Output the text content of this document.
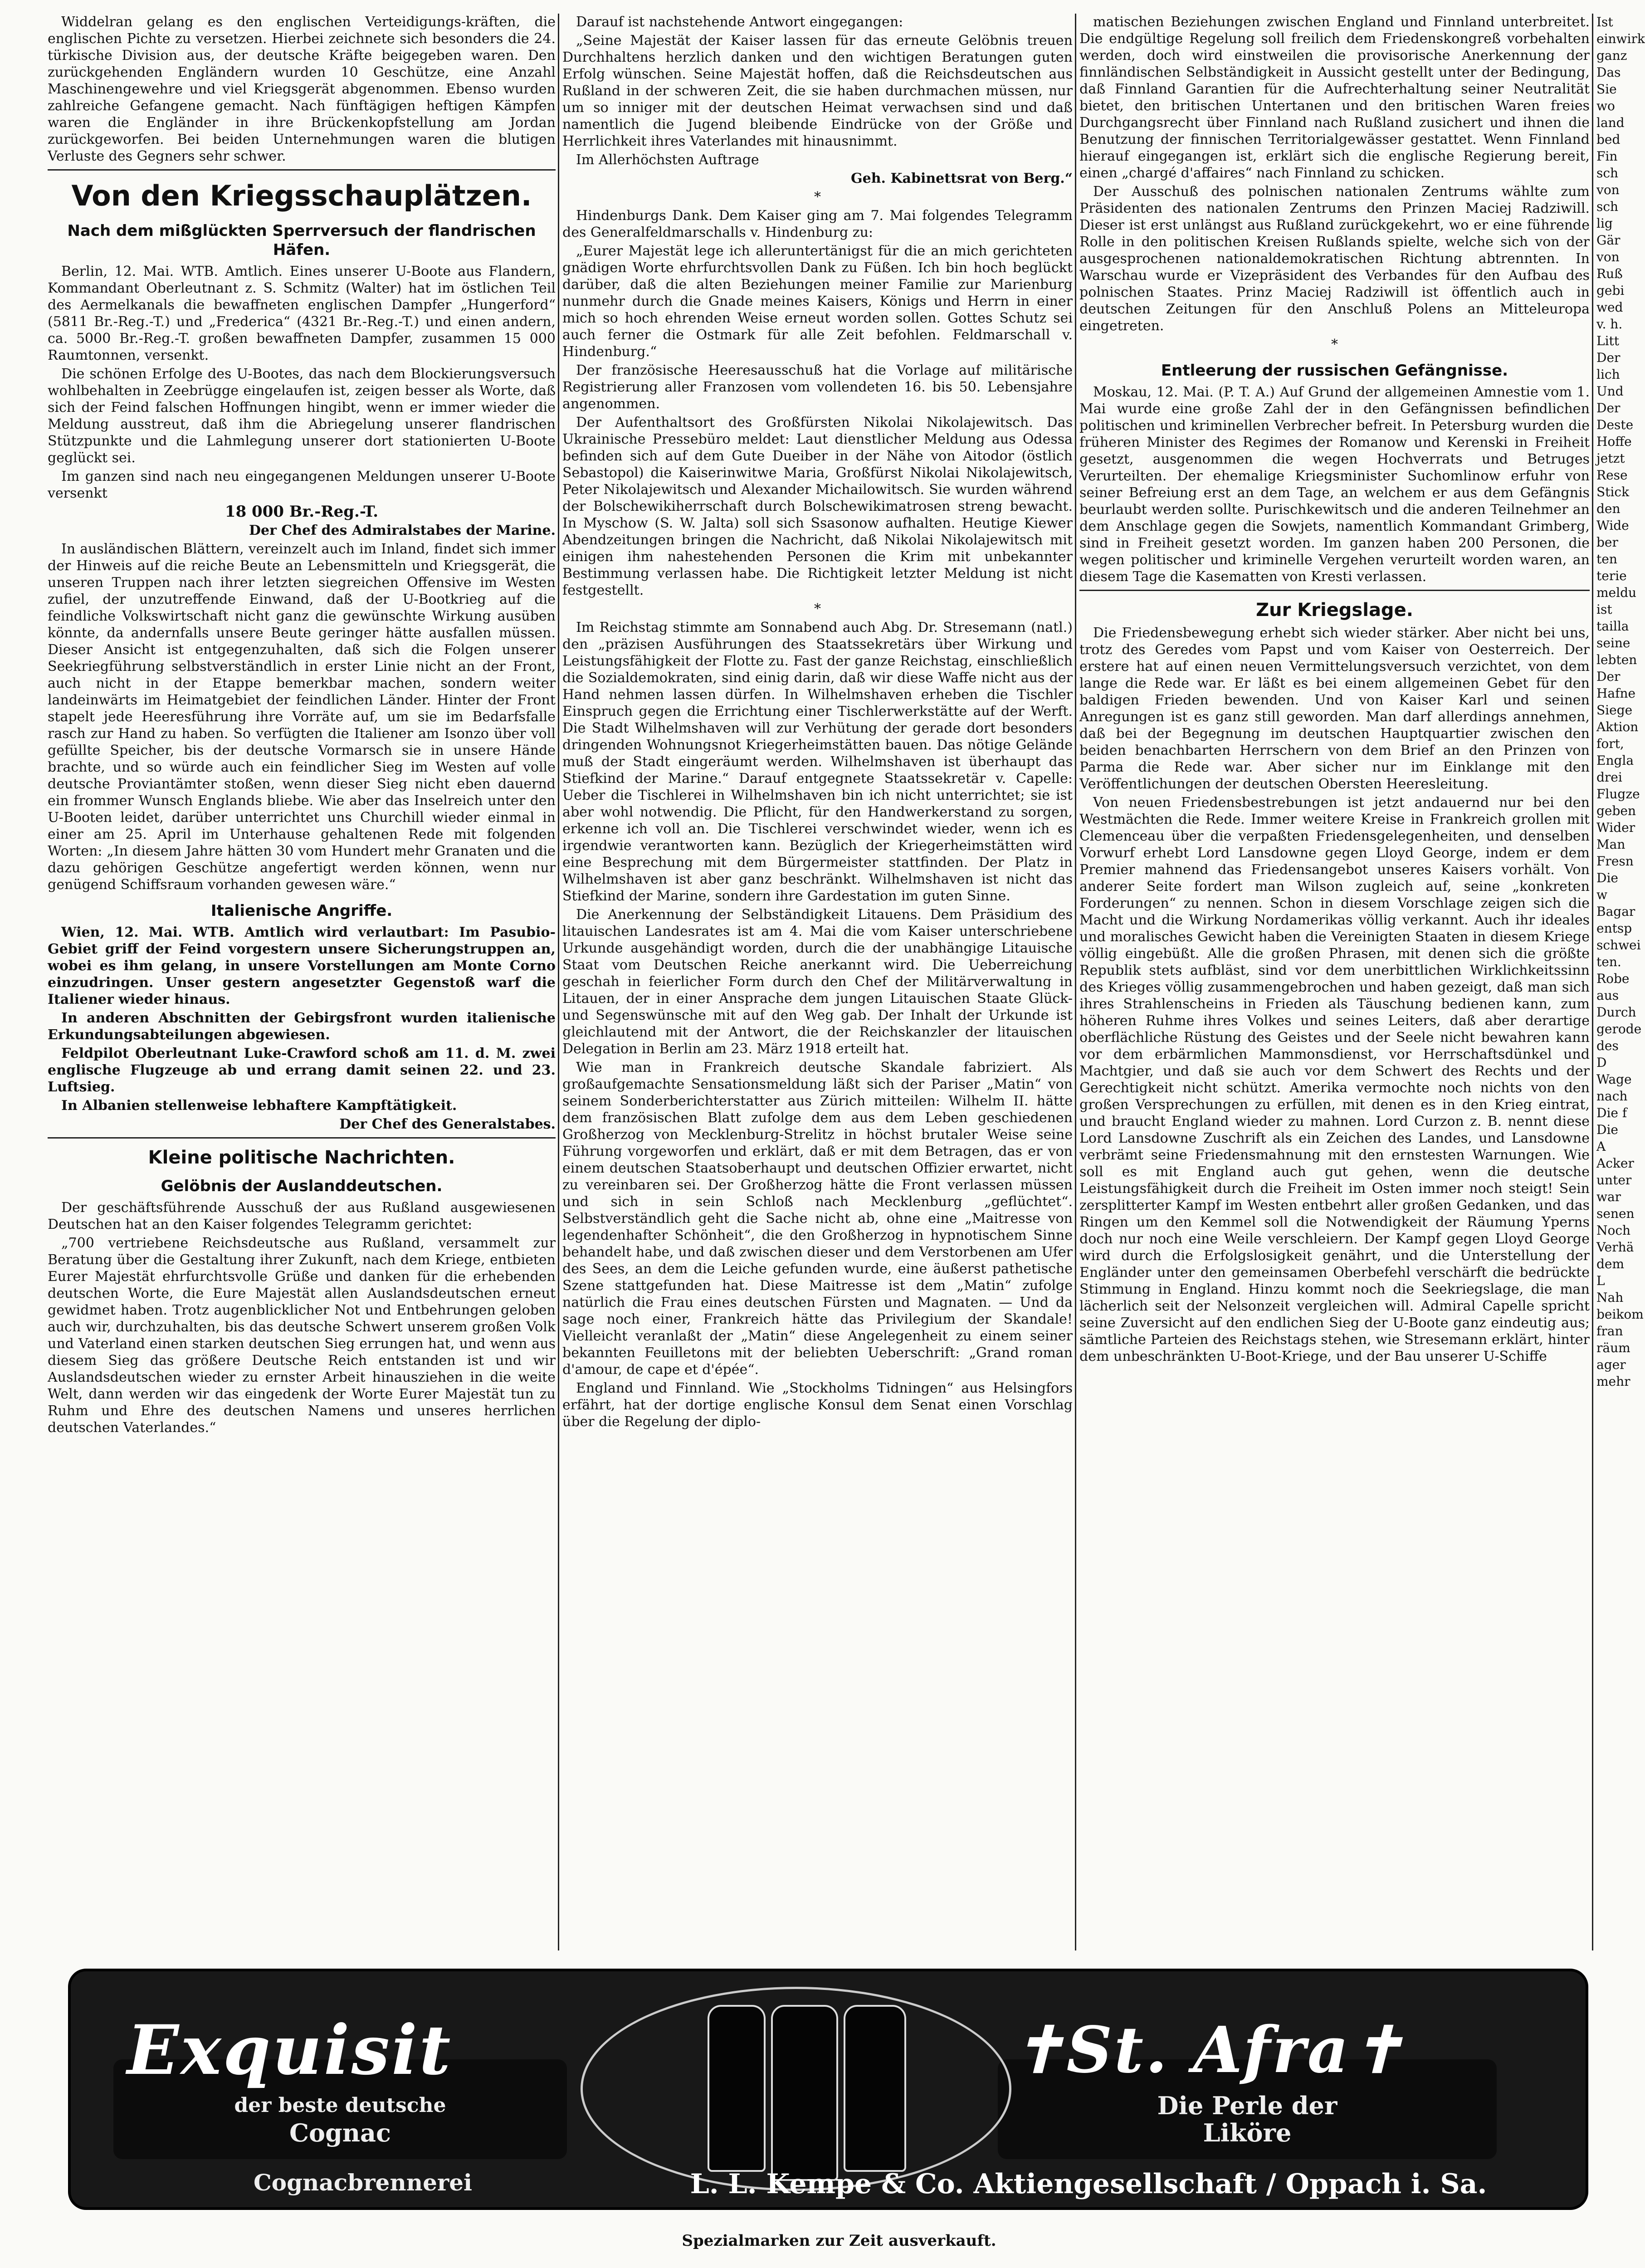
Widdelran gelang es den englischen Verteidigungs-kräften, die englischen Pichte zu versetzen. Hierbei zeichnete sich besonders die 24. türkische Division aus, der deutsche Kräfte beigegeben waren. Den zurückgehenden Engländern wurden 10 Geschütze, eine Anzahl Maschinengewehre und viel Kriegsgerät abgenommen. Ebenso wurden zahlreiche Gefangene gemacht. Nach fünftägigen heftigen Kämpfen waren die Engländer in ihre Brückenkopfstellung am Jordan zurückgeworfen. Bei beiden Unternehmungen waren die blutigen Verluste des Gegners sehr schwer.

Von den Kriegsschauplätzen.
Nach dem mißglückten Sperrversuch der flandrischen Häfen.

Berlin, 12. Mai. WTB. Amtlich. Eines unserer U-Boote aus Flandern, Kommandant Oberleutnant z. S. Schmitz (Walter) hat im östlichen Teil des Aermelkanals die bewaffneten englischen Dampfer „Hungerford“ (5811 Br.-Reg.-T.) und „Frederica“ (4321 Br.-Reg.-T.) und einen andern, ca. 5000 Br.-Reg.-T. großen bewaffneten Dampfer, zusammen 15 000 Raumtonnen, versenkt.

Die schönen Erfolge des U-Bootes, das nach dem Blockierungsversuch wohlbehalten in Zeebrügge eingelaufen ist, zeigen besser als Worte, daß sich der Feind falschen Hoffnungen hingibt, wenn er immer wieder die Meldung ausstreut, daß ihm die Abriegelung unserer flandrischen Stützpunkte und die Lahmlegung unserer dort stationierten U-Boote geglückt sei.

Im ganzen sind nach neu eingegangenen Meldungen unserer U-Boote versenkt

18 000 Br.-Reg.-T.

Der Chef des Admiralstabes der Marine.

In ausländischen Blättern, vereinzelt auch im Inland, findet sich immer der Hinweis auf die reiche Beute an Lebensmitteln und Kriegsgerät, die unseren Truppen nach ihrer letzten siegreichen Offensive im Westen zufiel, der unzutreffende Einwand, daß der U-Bootkrieg auf die feindliche Volkswirtschaft nicht ganz die gewünschte Wirkung ausüben könnte, da andernfalls unsere Beute geringer hätte ausfallen müssen. Dieser Ansicht ist entgegenzuhalten, daß sich die Folgen unserer Seekriegführung selbstverständlich in erster Linie nicht an der Front, auch nicht in der Etappe bemerkbar machen, sondern weiter landeinwärts im Heimatgebiet der feindlichen Länder. Hinter der Front stapelt jede Heeresführung ihre Vorräte auf, um sie im Bedarfsfalle rasch zur Hand zu haben. So verfügten die Italiener am Isonzo über voll gefüllte Speicher, bis der deutsche Vormarsch sie in unsere Hände brachte, und so würde auch ein feindlicher Sieg im Westen auf volle deutsche Proviantämter stoßen, wenn dieser Sieg nicht eben dauernd ein frommer Wunsch Englands bliebe. Wie aber das Inselreich unter den U-Booten leidet, darüber unterrichtet uns Churchill wieder einmal in einer am 25. April im Unterhause gehaltenen Rede mit folgenden Worten: „In diesem Jahre hätten 30 vom Hundert mehr Granaten und die dazu gehörigen Geschütze angefertigt werden können, wenn nur genügend Schiffsraum vorhanden gewesen wäre.“

Italienische Angriffe.

Wien, 12. Mai. WTB. Amtlich wird verlautbart: Im Pasubio-Gebiet griff der Feind vorgestern unsere Sicherungstruppen an, wobei es ihm gelang, in unsere Vorstellungen am Monte Corno einzudringen. Unser gestern angesetzter Gegenstoß warf die Italiener wieder hinaus.

In anderen Abschnitten der Gebirgsfront wurden italienische Erkundungsabteilungen abgewiesen.

Feldpilot Oberleutnant Luke-Crawford schoß am 11. d. M. zwei englische Flugzeuge ab und errang damit seinen 22. und 23. Luftsieg.

In Albanien stellenweise lebhaftere Kampftätigkeit.

Der Chef des Generalstabes.

Kleine politische Nachrichten.
Gelöbnis der Auslanddeutschen.

Der geschäftsführende Ausschuß der aus Rußland ausgewiesenen Deutschen hat an den Kaiser folgendes Telegramm gerichtet:

„700 vertriebene Reichsdeutsche aus Rußland, versammelt zur Beratung über die Gestaltung ihrer Zukunft, nach dem Kriege, entbieten Eurer Majestät ehrfurchtsvolle Grüße und danken für die erhebenden deutschen Worte, die Eure Majestät allen Auslandsdeutschen erneut gewidmet haben. Trotz augenblicklicher Not und Entbehrungen geloben auch wir, durchzuhalten, bis das deutsche Schwert unserem großen Volk und Vaterland einen starken deutschen Sieg errungen hat, und wenn aus diesem Sieg das größere Deutsche Reich entstanden ist und wir Auslandsdeutschen wieder zu ernster Arbeit hinausziehen in die weite Welt, dann werden wir das eingedenk der Worte Eurer Majestät tun zu Ruhm und Ehre des deutschen Namens und unseres herrlichen deutschen Vaterlandes.“

Darauf ist nachstehende Antwort eingegangen:

„Seine Majestät der Kaiser lassen für das erneute Gelöbnis treuen Durchhaltens herzlich danken und den wichtigen Beratungen guten Erfolg wünschen. Seine Majestät hoffen, daß die Reichsdeutschen aus Rußland in der schweren Zeit, die sie haben durchmachen müssen, nur um so inniger mit der deutschen Heimat verwachsen sind und daß namentlich die Jugend bleibende Eindrücke von der Größe und Herrlichkeit ihres Vaterlandes mit hinausnimmt.

Im Allerhöchsten Auftrage

Geh. Kabinettsrat von Berg.“

*

Hindenburgs Dank. Dem Kaiser ging am 7. Mai folgendes Telegramm des Generalfeldmarschalls v. Hindenburg zu:

„Eurer Majestät lege ich alleruntertänigst für die an mich gerichteten gnädigen Worte ehrfurchtsvollen Dank zu Füßen. Ich bin hoch beglückt darüber, daß die alten Beziehungen meiner Familie zur Marienburg nunmehr durch die Gnade meines Kaisers, Königs und Herrn in einer mich so hoch ehrenden Weise erneut worden sollen. Gottes Schutz sei auch ferner die Ostmark für alle Zeit befohlen. Feldmarschall v. Hindenburg.“

Der französische Heeresausschuß hat die Vorlage auf militärische Registrierung aller Franzosen vom vollendeten 16. bis 50. Lebensjahre angenommen.

Der Aufenthaltsort des Großfürsten Nikolai Nikolajewitsch. Das Ukrainische Pressebüro meldet: Laut dienstlicher Meldung aus Odessa befinden sich auf dem Gute Dueiber in der Nähe von Aitodor (östlich Sebastopol) die Kaiserinwitwe Maria, Großfürst Nikolai Nikolajewitsch, Peter Nikolajewitsch und Alexander Michailowitsch. Sie wurden während der Bolschewikiherrschaft durch Bolschewikimatrosen streng bewacht. In Myschow (S. W. Jalta) soll sich Ssasonow aufhalten. Heutige Kiewer Abendzeitungen bringen die Nachricht, daß Nikolai Nikolajewitsch mit einigen ihm nahestehenden Personen die Krim mit unbekannter Bestimmung verlassen habe. Die Richtigkeit letzter Meldung ist nicht festgestellt.

*

Im Reichstag stimmte am Sonnabend auch Abg. Dr. Stresemann (natl.) den „präzisen Ausführungen des Staatssekretärs über Wirkung und Leistungsfähigkeit der Flotte zu. Fast der ganze Reichstag, einschließlich die Sozialdemokraten, sind einig darin, daß wir diese Waffe nicht aus der Hand nehmen lassen dürfen. In Wilhelmshaven erheben die Tischler Einspruch gegen die Errichtung einer Tischlerwerkstätte auf der Werft. Die Stadt Wilhelmshaven will zur Verhütung der gerade dort besonders dringenden Wohnungsnot Kriegerheimstätten bauen. Das nötige Gelände muß der Stadt eingeräumt werden. Wilhelmshaven ist überhaupt das Stiefkind der Marine.“ Darauf entgegnete Staatssekretär v. Capelle: Ueber die Tischlerei in Wilhelmshaven bin ich nicht unterrichtet; sie ist aber wohl notwendig. Die Pflicht, für den Handwerkerstand zu sorgen, erkenne ich voll an. Die Tischlerei verschwindet wieder, wenn ich es irgendwie verantworten kann. Bezüglich der Kriegerheimstätten wird eine Besprechung mit dem Bürgermeister stattfinden. Der Platz in Wilhelmshaven ist aber ganz beschränkt. Wilhelmshaven ist nicht das Stiefkind der Marine, sondern ihre Gardestation im guten Sinne.

Die Anerkennung der Selbständigkeit Litauens. Dem Präsidium des litauischen Landesrates ist am 4. Mai die vom Kaiser unterschriebene Urkunde ausgehändigt worden, durch die der unabhängige Litauische Staat vom Deutschen Reiche anerkannt wird. Die Ueberreichung geschah in feierlicher Form durch den Chef der Militärverwaltung in Litauen, der in einer Ansprache dem jungen Litauischen Staate Glück- und Segenswünsche mit auf den Weg gab. Der Inhalt der Urkunde ist gleichlautend mit der Antwort, die der Reichskanzler der litauischen Delegation in Berlin am 23. März 1918 erteilt hat.

Wie man in Frankreich deutsche Skandale fabriziert. Als großaufgemachte Sensationsmeldung läßt sich der Pariser „Matin“ von seinem Sonderberichterstatter aus Zürich mitteilen: Wilhelm II. hätte dem französischen Blatt zufolge dem aus dem Leben geschiedenen Großherzog von Mecklenburg-Strelitz in höchst brutaler Weise seine Führung vorgeworfen und erklärt, daß er mit dem Betragen, das er von einem deutschen Staatsoberhaupt und deutschen Offizier erwartet, nicht zu vereinbaren sei. Der Großherzog hätte die Front verlassen müssen und sich in sein Schloß nach Mecklenburg „geflüchtet“. Selbstverständlich geht die Sache nicht ab, ohne eine „Maitresse von legendenhafter Schönheit“, die den Großherzog in hypnotischem Sinne behandelt habe, und daß zwischen dieser und dem Verstorbenen am Ufer des Sees, an dem die Leiche gefunden wurde, eine äußerst pathetische Szene stattgefunden hat. Diese Maitresse ist dem „Matin“ zufolge natürlich die Frau eines deutschen Fürsten und Magnaten. — Und da sage noch einer, Frankreich hätte das Privilegium der Skandale! Vielleicht veranlaßt der „Matin“ diese Angelegenheit zu einem seiner bekannten Feuilletons mit der beliebten Ueberschrift: „Grand roman d'amour, de cape et d'épée“.

England und Finnland. Wie „Stockholms Tidningen“ aus Helsingfors erfährt, hat der dortige englische Konsul dem Senat einen Vorschlag über die Regelung der diplo-

matischen Beziehungen zwischen England und Finnland unterbreitet. Die endgültige Regelung soll freilich dem Friedenskongreß vorbehalten werden, doch wird einstweilen die provisorische Anerkennung der finnländischen Selbständigkeit in Aussicht gestellt unter der Bedingung, daß Finnland Garantien für die Aufrechterhaltung seiner Neutralität bietet, den britischen Untertanen und den britischen Waren freies Durchgangsrecht über Finnland nach Rußland zusichert und ihnen die Benutzung der finnischen Territorialgewässer gestattet. Wenn Finnland hierauf eingegangen ist, erklärt sich die englische Regierung bereit, einen „chargé d'affaires“ nach Finnland zu schicken.

Der Ausschuß des polnischen nationalen Zentrums wählte zum Präsidenten des nationalen Zentrums den Prinzen Maciej Radziwill. Dieser ist erst unlängst aus Rußland zurückgekehrt, wo er eine führende Rolle in den politischen Kreisen Rußlands spielte, welche sich von der ausgesprochenen nationaldemokratischen Richtung abtrennten. In Warschau wurde er Vizepräsident des Verbandes für den Aufbau des polnischen Staates. Prinz Maciej Radziwill ist öffentlich auch in deutschen Zeitungen für den Anschluß Polens an Mitteleuropa eingetreten.

*

Entleerung der russischen Gefängnisse.

Moskau, 12. Mai. (P. T. A.) Auf Grund der allgemeinen Amnestie vom 1. Mai wurde eine große Zahl der in den Gefängnissen befindlichen politischen und kriminellen Verbrecher befreit. In Petersburg wurden die früheren Minister des Regimes der Romanow und Kerenski in Freiheit gesetzt, ausgenommen die wegen Hochverrats und Betruges Verurteilten. Der ehemalige Kriegsminister Suchomlinow erfuhr von seiner Befreiung erst an dem Tage, an welchem er aus dem Gefängnis beurlaubt werden sollte. Purischkewitsch und die anderen Teilnehmer an dem Anschlage gegen die Sowjets, namentlich Kommandant Grimberg, sind in Freiheit gesetzt worden. Im ganzen haben 200 Personen, die wegen politischer und kriminelle Vergehen verurteilt worden waren, an diesem Tage die Kasematten von Kresti verlassen.

Zur Kriegslage.

Die Friedensbewegung erhebt sich wieder stärker. Aber nicht bei uns, trotz des Geredes vom Papst und vom Kaiser von Oesterreich. Der erstere hat auf einen neuen Vermittelungsversuch verzichtet, von dem lange die Rede war. Er läßt es bei einem allgemeinen Gebet für den baldigen Frieden bewenden. Und von Kaiser Karl und seinen Anregungen ist es ganz still geworden. Man darf allerdings annehmen, daß bei der Begegnung im deutschen Hauptquartier zwischen den beiden benachbarten Herrschern von dem Brief an den Prinzen von Parma die Rede war. Aber sicher nur im Einklange mit den Veröffentlichungen der deutschen Obersten Heeresleitung.

Von neuen Friedensbestrebungen ist jetzt andauernd nur bei den Westmächten die Rede. Immer weitere Kreise in Frankreich grollen mit Clemenceau über die verpaßten Friedensgelegenheiten, und denselben Vorwurf erhebt Lord Lansdowne gegen Lloyd George, indem er dem Premier mahnend das Friedensangebot unseres Kaisers vorhält. Von anderer Seite fordert man Wilson zugleich auf, seine „konkreten Forderungen“ zu nennen. Schon in diesem Vorschlage zeigen sich die Macht und die Wirkung Nordamerikas völlig verkannt. Auch ihr ideales und moralisches Gewicht haben die Vereinigten Staaten in diesem Kriege völlig eingebüßt. Alle die großen Phrasen, mit denen sich die größte Republik stets aufbläst, sind vor dem unerbittlichen Wirklichkeitssinn des Krieges völlig zusammengebrochen und haben gezeigt, daß man sich ihres Strahlenscheins in Frieden als Täuschung bedienen kann, zum höheren Ruhme ihres Volkes und seines Leiters, daß aber derartige oberflächliche Rüstung des Geistes und der Seele nicht bewahren kann vor dem erbärmlichen Mammonsdienst, vor Herrschaftsdünkel und Machtgier, und daß sie auch vor dem Schwert des Rechts und der Gerechtigkeit nicht schützt. Amerika vermochte noch nichts von den großen Versprechungen zu erfüllen, mit denen es in den Krieg eintrat, und braucht England wieder zu mahnen. Lord Curzon z. B. nennt diese Lord Lansdowne Zuschrift als ein Zeichen des Landes, und Lansdowne verbrämt seine Friedensmahnung mit den ernstesten Warnungen. Wie soll es mit England auch gut gehen, wenn die deutsche Leistungsfähigkeit durch die Freiheit im Osten immer noch steigt! Sein zersplitterter Kampf im Westen entbehrt aller großen Gedanken, und das Ringen um den Kemmel soll die Notwendigkeit der Räumung Yperns doch nur noch eine Weile verschleiern. Der Kampf gegen Lloyd George wird durch die Erfolgslosigkeit genährt, und die Unterstellung der Engländer unter den gemeinsamen Oberbefehl verschärft die bedrückte Stimmung in England. Hinzu kommt noch die Seekriegslage, die man lächerlich seit der Nelsonzeit vergleichen will. Admiral Capelle spricht seine Zuversicht auf den endlichen Sieg der U-Boote ganz eindeutig aus; sämtliche Parteien des Reichstags stehen, wie Stresemann erklärt, hinter dem unbeschränkten U-Boot-Kriege, und der Bau unserer U-Schiffe

Ist einwirk ganz Das Sie wo land bed Fin sch von sch lig Gär von Ruß gebi wed v. h. Litt Der lich Und Der Deste Hoffe jetzt Rese Stick den Wide ber ten terie meldu ist tailla seine lebten Der Hafne Siege Aktion fort, Engla drei Flugze geben Wider Man Fresn Die w Bagar entsp schwei ten. Robe aus Durch gerode des D Wage nach Die f Die A Acker unter war senen Noch Verhä dem L Nah beikom fran räum ager mehr

Exquisit
der beste deutsche
Cognac
Cognacbrennerei
✝St. Afra✝
Die Perle der
Liköre
L. L. Kempe & Co. Aktiengesellschaft / Oppach i. Sa.
Spezialmarken zur Zeit ausverkauft.
